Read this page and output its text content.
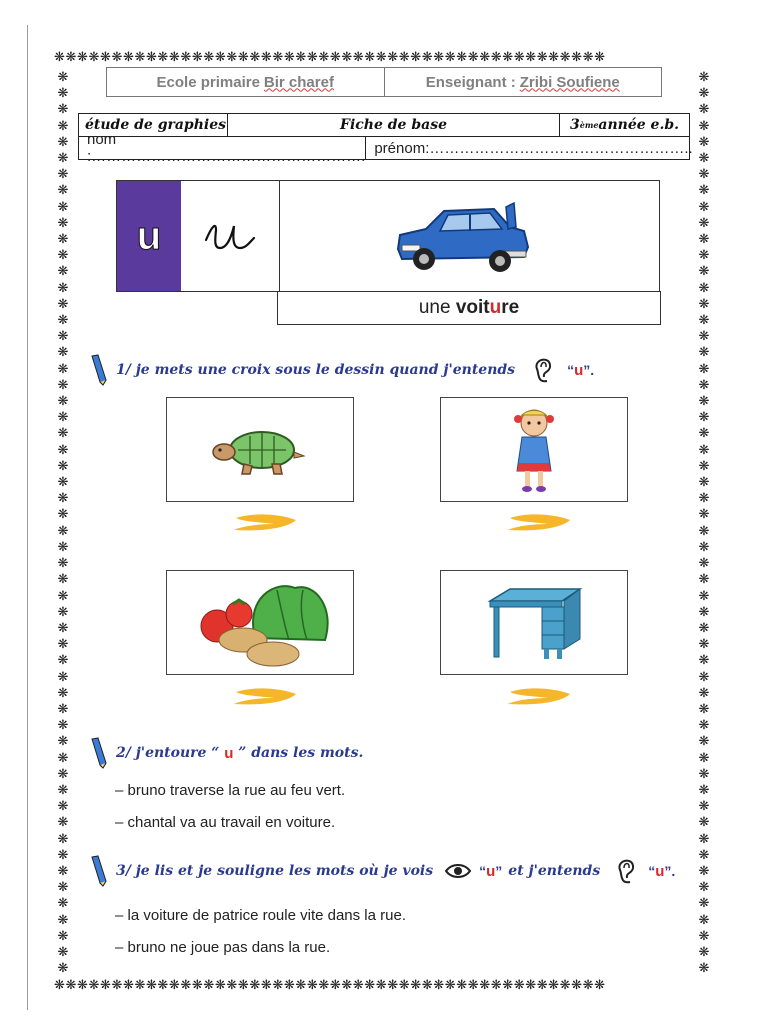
❋❋❋❋❋❋❋❋❋❋❋❋❋❋❋❋❋❋❋❋❋❋❋❋❋❋❋❋❋❋❋❋❋❋❋❋❋❋❋❋❋❋❋❋❋❋❋❋
❋❋❋❋❋❋❋❋❋❋❋❋❋❋❋❋❋❋❋❋❋❋❋❋❋❋❋❋❋❋❋❋❋❋❋❋❋❋❋❋❋❋❋❋❋❋❋❋
❋❋❋❋❋❋❋❋❋❋❋❋❋❋❋❋❋❋❋❋❋❋❋❋❋❋❋❋❋❋❋❋❋❋❋❋❋❋❋❋❋❋❋❋❋❋❋❋❋❋❋❋❋❋❋❋
❋❋❋❋❋❋❋❋❋❋❋❋❋❋❋❋❋❋❋❋❋❋❋❋❋❋❋❋❋❋❋❋❋❋❋❋❋❋❋❋❋❋❋❋❋❋❋❋❋❋❋❋❋❋❋❋
Ecole primaire Bir charef	Enseignant : Zribi Soufiene
étude de graphies	Fiche de base	3 ème année e.b.
nom :………………………………………………. prénom:……………………………………………..
u
une voit u re
1/ je mets une croix sous le dessin quand j'entends	“ u ”.
2/ j'entoure “ u ” dans les mots.
– bruno traverse la rue au feu vert.
– chantal va au travail en voiture.
3/ je lis et je souligne les mots où je vois	“ u ” et j'entends	“ u ”.
– la voiture de patrice roule vite dans la rue.
– bruno ne joue pas dans la rue.
